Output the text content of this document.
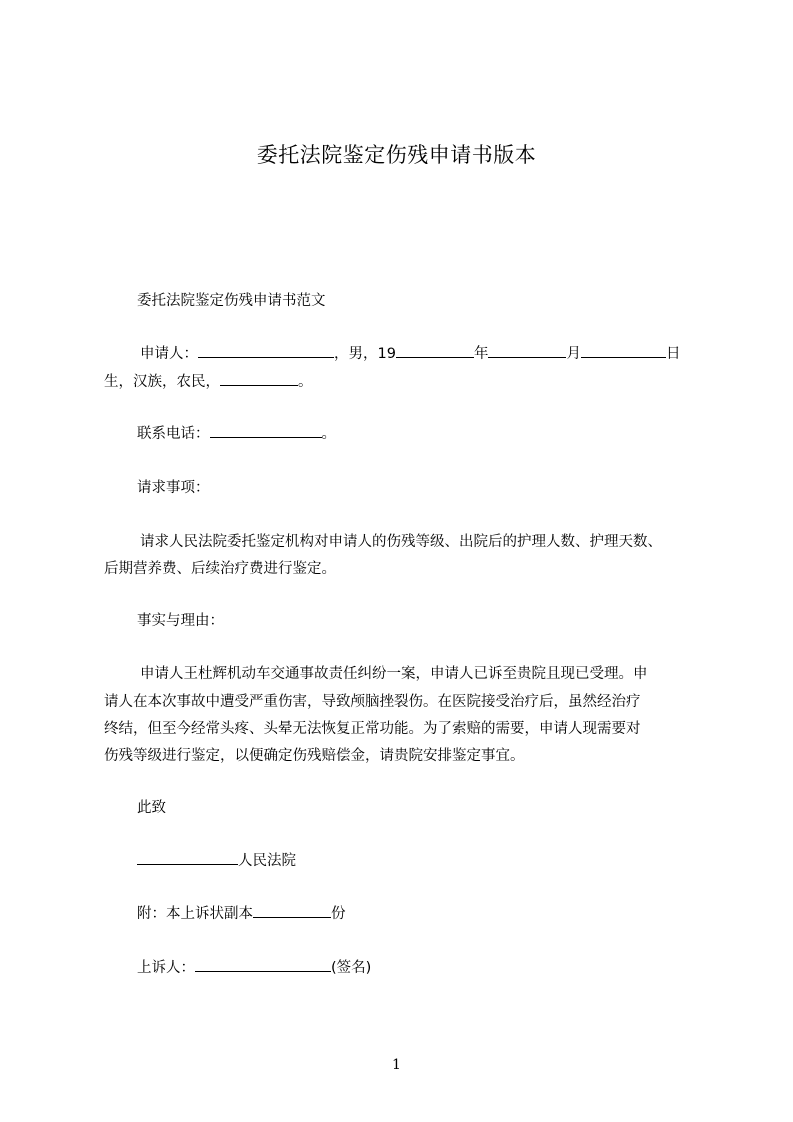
委托法院鉴定伤残申请书版本
委托法院鉴定伤残申请书范文
申请人：	，男，19	年	月	日
生，汉族，农民，	。
联系电话：	。
请求事项：
请求人民法院委托鉴定机构对申请人的伤残等级、出院后的护理人数、护理天数、
后期营养费、后续治疗费进行鉴定。
事实与理由：
申请人王杜辉机动车交通事故责任纠纷一案，申请人已诉至贵院且现已受理。申
请人在本次事故中遭受严重伤害，导致颅脑挫裂伤。在医院接受治疗后，虽然经治疗
终结，但至今经常头疼、头晕无法恢复正常功能。为了索赔的需要，申请人现需要对
伤残等级进行鉴定，以便确定伤残赔偿金，请贵院安排鉴定事宜。
此致
人民法院
附：本上诉状副本	份
上诉人：	(签名)
1
